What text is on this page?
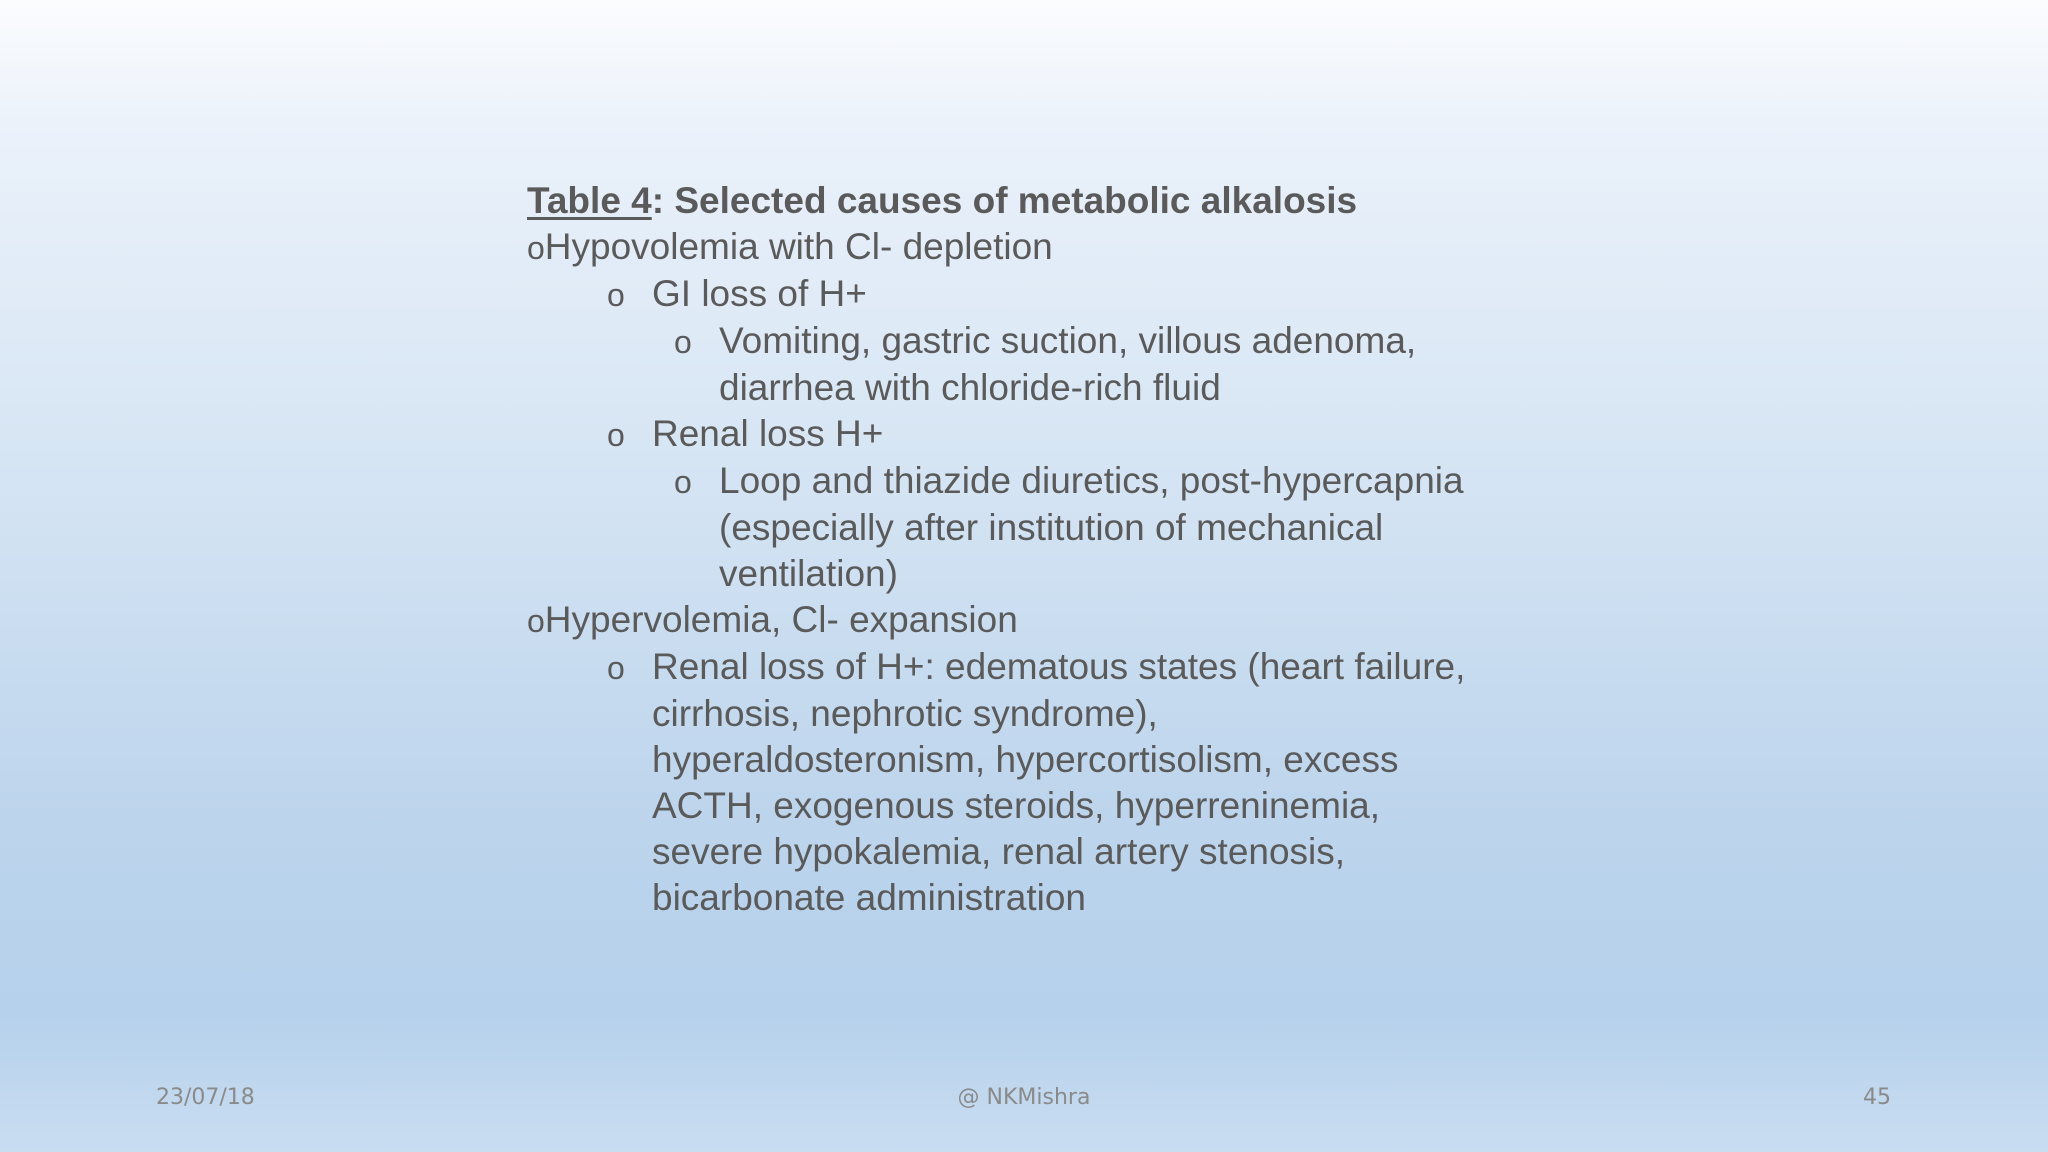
Table 4: Selected causes of metabolic alkalosis
oHypovolemia with Cl- depletion
o GI loss of H+
o Vomiting, gastric suction, villous adenoma,
diarrhea with chloride-rich fluid
o Renal loss H+
o Loop and thiazide diuretics, post-hypercapnia
(especially after institution of mechanical
ventilation)
oHypervolemia, Cl- expansion
o Renal loss of H+: edematous states (heart failure,
cirrhosis, nephrotic syndrome),
hyperaldosteronism, hypercortisolism, excess
ACTH, exogenous steroids, hyperreninemia,
severe hypokalemia, renal artery stenosis,
bicarbonate administration
23/07/18	@ NKMishra	45
